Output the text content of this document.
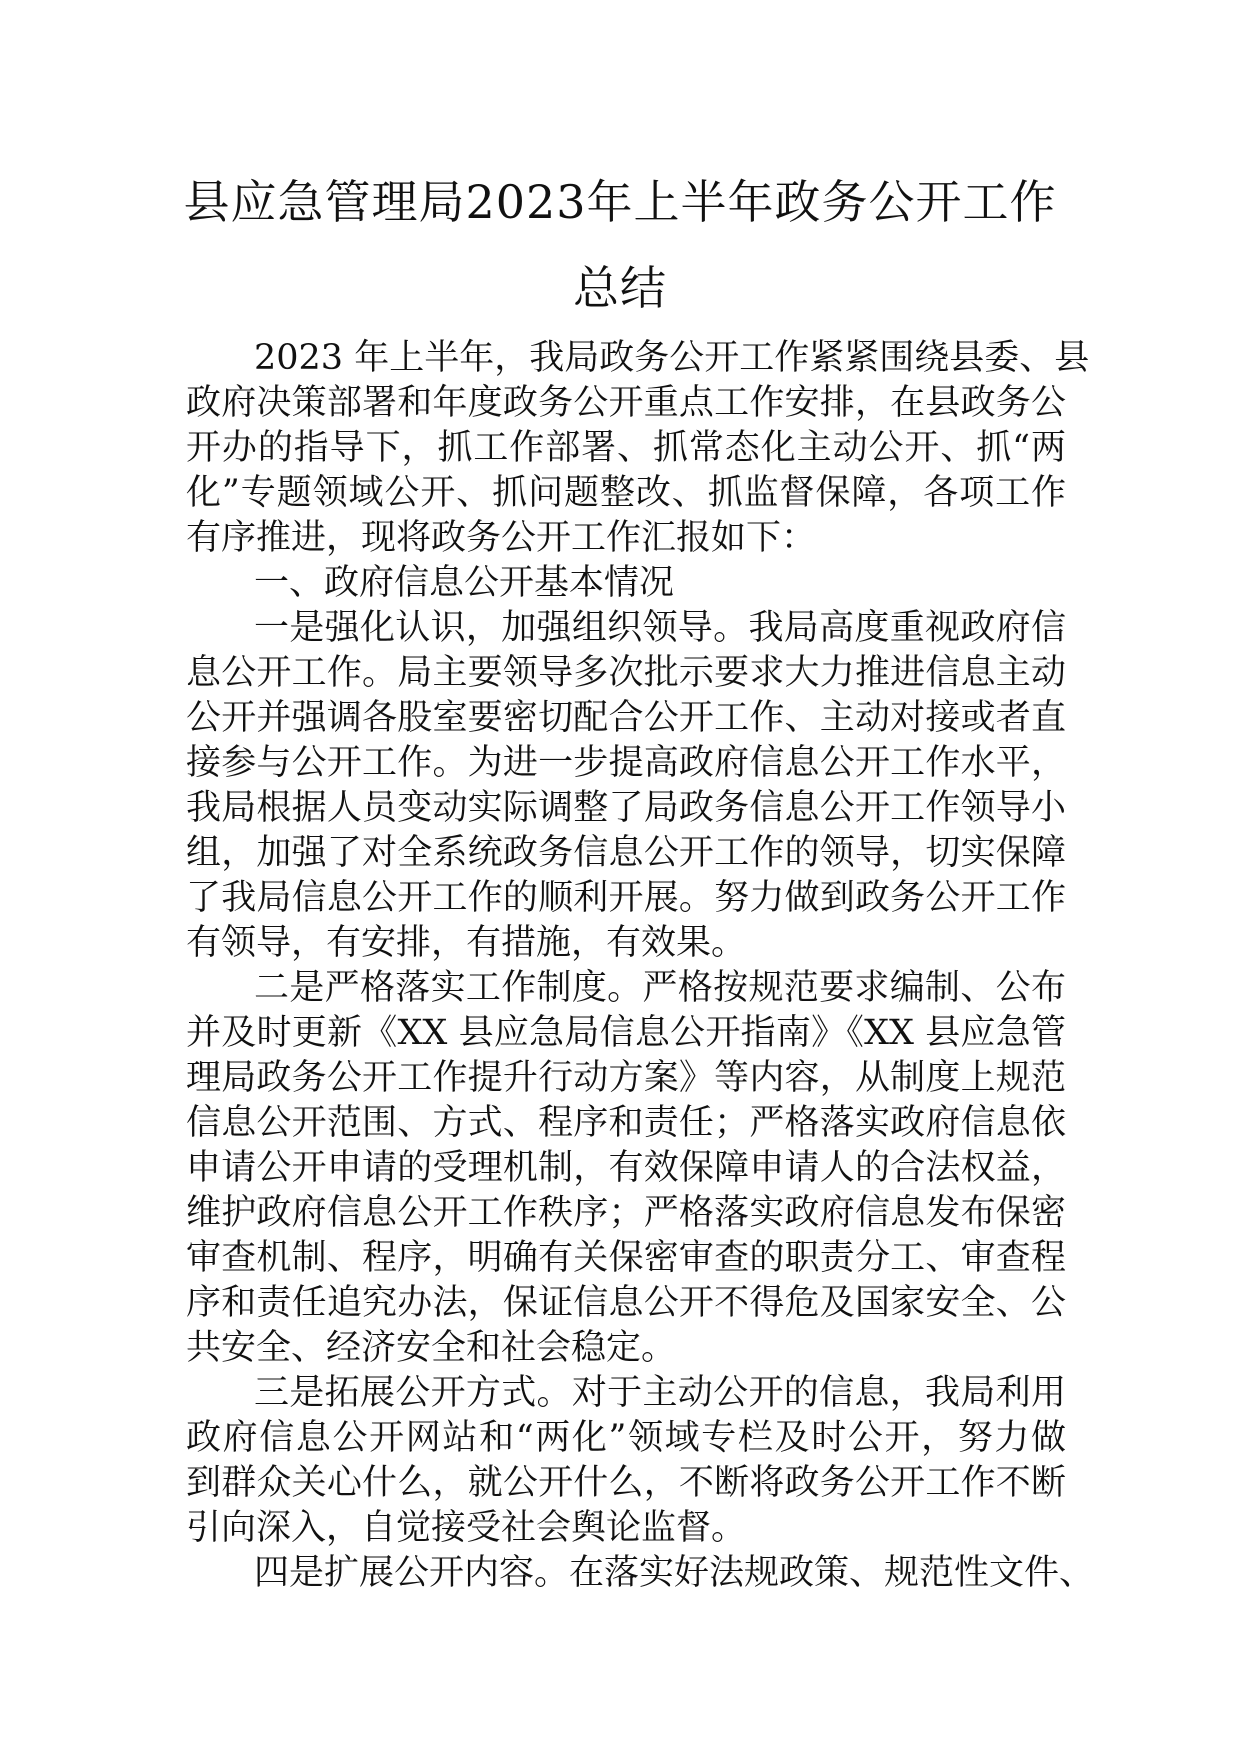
县应急管理局2023年上半年政务公开工作
总结
2023 年上半年，我局政务公开工作紧紧围绕县委、县
政府决策部署和年度政务公开重点工作安排，在县政务公
开办的指导下，抓工作部署、抓常态化主动公开、抓“两
化”专题领域公开、抓问题整改、抓监督保障，各项工作
有序推进，现将政务公开工作汇报如下：
一、政府信息公开基本情况
一是强化认识，加强组织领导。我局高度重视政府信
息公开工作。局主要领导多次批示要求大力推进信息主动
公开并强调各股室要密切配合公开工作、主动对接或者直
接参与公开工作。为进一步提高政府信息公开工作水平，
我局根据人员变动实际调整了局政务信息公开工作领导小
组，加强了对全系统政务信息公开工作的领导，切实保障
了我局信息公开工作的顺利开展。努力做到政务公开工作
有领导，有安排，有措施，有效果。
二是严格落实工作制度。严格按规范要求编制、公布
并及时更新《XX 县应急局信息公开指南》《XX 县应急管
理局政务公开工作提升行动方案》等内容，从制度上规范
信息公开范围、方式、程序和责任；严格落实政府信息依
申请公开申请的受理机制，有效保障申请人的合法权益，
维护政府信息公开工作秩序；严格落实政府信息发布保密
审查机制、程序，明确有关保密审查的职责分工、审查程
序和责任追究办法，保证信息公开不得危及国家安全、公
共安全、经济安全和社会稳定。
三是拓展公开方式。对于主动公开的信息，我局利用
政府信息公开网站和“两化”领域专栏及时公开，努力做
到群众关心什么，就公开什么，不断将政务公开工作不断
引向深入，自觉接受社会舆论监督。
四是扩展公开内容。在落实好法规政策、规范性文件、
